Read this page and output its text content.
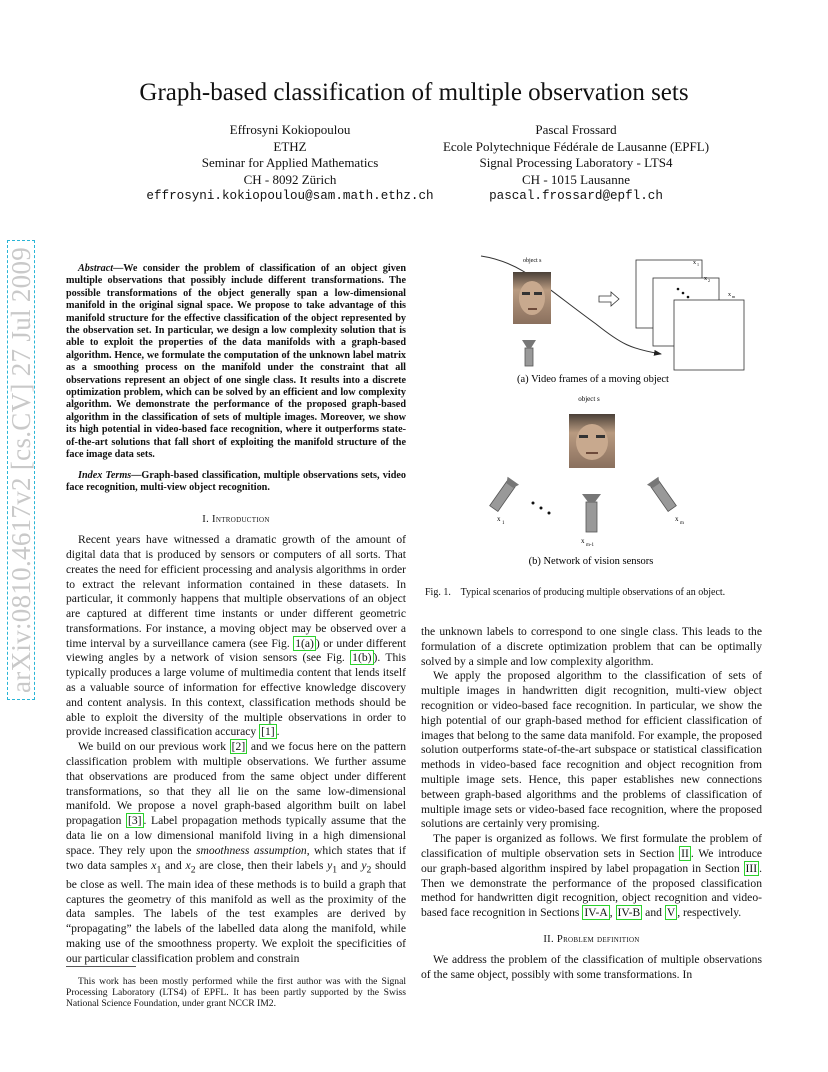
Graph-based classification of multiple observation sets
Effrosyni Kokiopoulou
ETHZ
Seminar for Applied Mathematics
CH - 8092 Zürich
effrosyni.kokiopoulou@sam.math.ethz.ch
Pascal Frossard
Ecole Polytechnique Fédérale de Lausanne (EPFL)
Signal Processing Laboratory - LTS4
CH - 1015 Lausanne
pascal.frossard@epfl.ch
arXiv:0810.4617v2 [cs.CV] 27 Jul 2009	Abstract—We consider the problem of classification of an object given multiple observations that possibly include different transformations. The possible transformations of the object generally span a low-dimensional manifold in the original signal space. We propose to take advantage of this manifold structure for the effective classification of the object represented by the observation set. In particular, we design a low complexity solution that is able to exploit the properties of the data manifolds with a graph-based algorithm. Hence, we formulate the computation of the unknown label matrix as a smoothing process on the manifold under the constraint that all observations represent an object of one single class. It results into a discrete optimization problem, which can be solved by an efficient and low complexity algorithm. We demonstrate the performance of the proposed graph-based algorithm in the classification of sets of multiple images. Moreover, we show its high potential in video-based face recognition, where it outperforms state-of-the-art solutions that fall short of exploiting the manifold structure of the face image data sets.

Index Terms—Graph-based classification, multiple observations sets, video face recognition, multi-view object recognition.

I. Introduction

Recent years have witnessed a dramatic growth of the amount of digital data that is produced by sensors or computers of all sorts. That creates the need for efficient processing and analysis algorithms in order to extract the relevant information contained in these datasets. In particular, it commonly happens that multiple observations of an object are captured at different time instants or under different geometric transformations. For instance, a moving object may be observed over a time interval by a surveillance camera (see Fig. 1(a) ) or under different viewing angles by a network of vision sensors (see Fig. 1(b) ). This typically produces a large volume of multimedia content that lends itself as a valuable source of information for effective knowledge discovery and content analysis. In this context, classification methods should be able to exploit the diversity of the multiple observations in order to provide increased classification accuracy [1] .

We build on our previous work [2] and we focus here on the pattern classification problem with multiple observations. We further assume that observations are produced from the same object under different transformations, so that they all lie on the same low-dimensional manifold. We propose a novel graph-based algorithm built on label propagation [3] . Label propagation methods typically assume that the data lie on a low dimensional manifold living in a high dimensional space. They rely upon the smoothness assumption, which states that if two data samples $x_1$ and $x_2$ are close, then their labels $y_1$ and $y_2$ should be close as well. The main idea of these methods is to build a graph that captures the geometry of this manifold as well as the proximity of the data samples. The labels of the test examples are derived by “propagating” the labels of the labelled data along the manifold, while making use of the smoothness property. We exploit the specificities of our particular classification problem and constrain

This work has been mostly performed while the first author was with the Signal Processing Laboratory (LTS4) of EPFL. It has been partly supported by the Swiss National Science Foundation, under grant NCCR IM2.
object s	x 1
x 2
x m
(a) Video frames of a moving object
object s
x
1
x
m-1
x
m
(b) Network of vision sensors
Fig. 1.    Typical scenarios of producing multiple observations of an object.

the unknown labels to correspond to one single class. This leads to the formulation of a discrete optimization problem that can be optimally solved by a simple and low complexity algorithm.

We apply the proposed algorithm to the classification of sets of multiple images in handwritten digit recognition, multi-view object recognition or video-based face recognition. In particular, we show the high potential of our graph-based method for efficient classification of images that belong to the same data manifold. For example, the proposed solution outperforms state-of-the-art subspace or statistical classification methods in video-based face recognition and object recognition from multiple image sets. Hence, this paper establishes new connections between graph-based algorithms and the problems of classification of multiple image sets or video-based face recognition, where the proposed solutions are certainly very promising.

The paper is organized as follows. We first formulate the problem of classification of multiple observation sets in Section II . We introduce our graph-based algorithm inspired by label propagation in Section III . Then we demonstrate the performance of the proposed classification method for handwritten digit recognition, object recognition and video-based face recognition in Sections IV-A , IV-B and V , respectively.

II. Problem definition

We address the problem of the classification of multiple observations of the same object, possibly with some transformations. In
